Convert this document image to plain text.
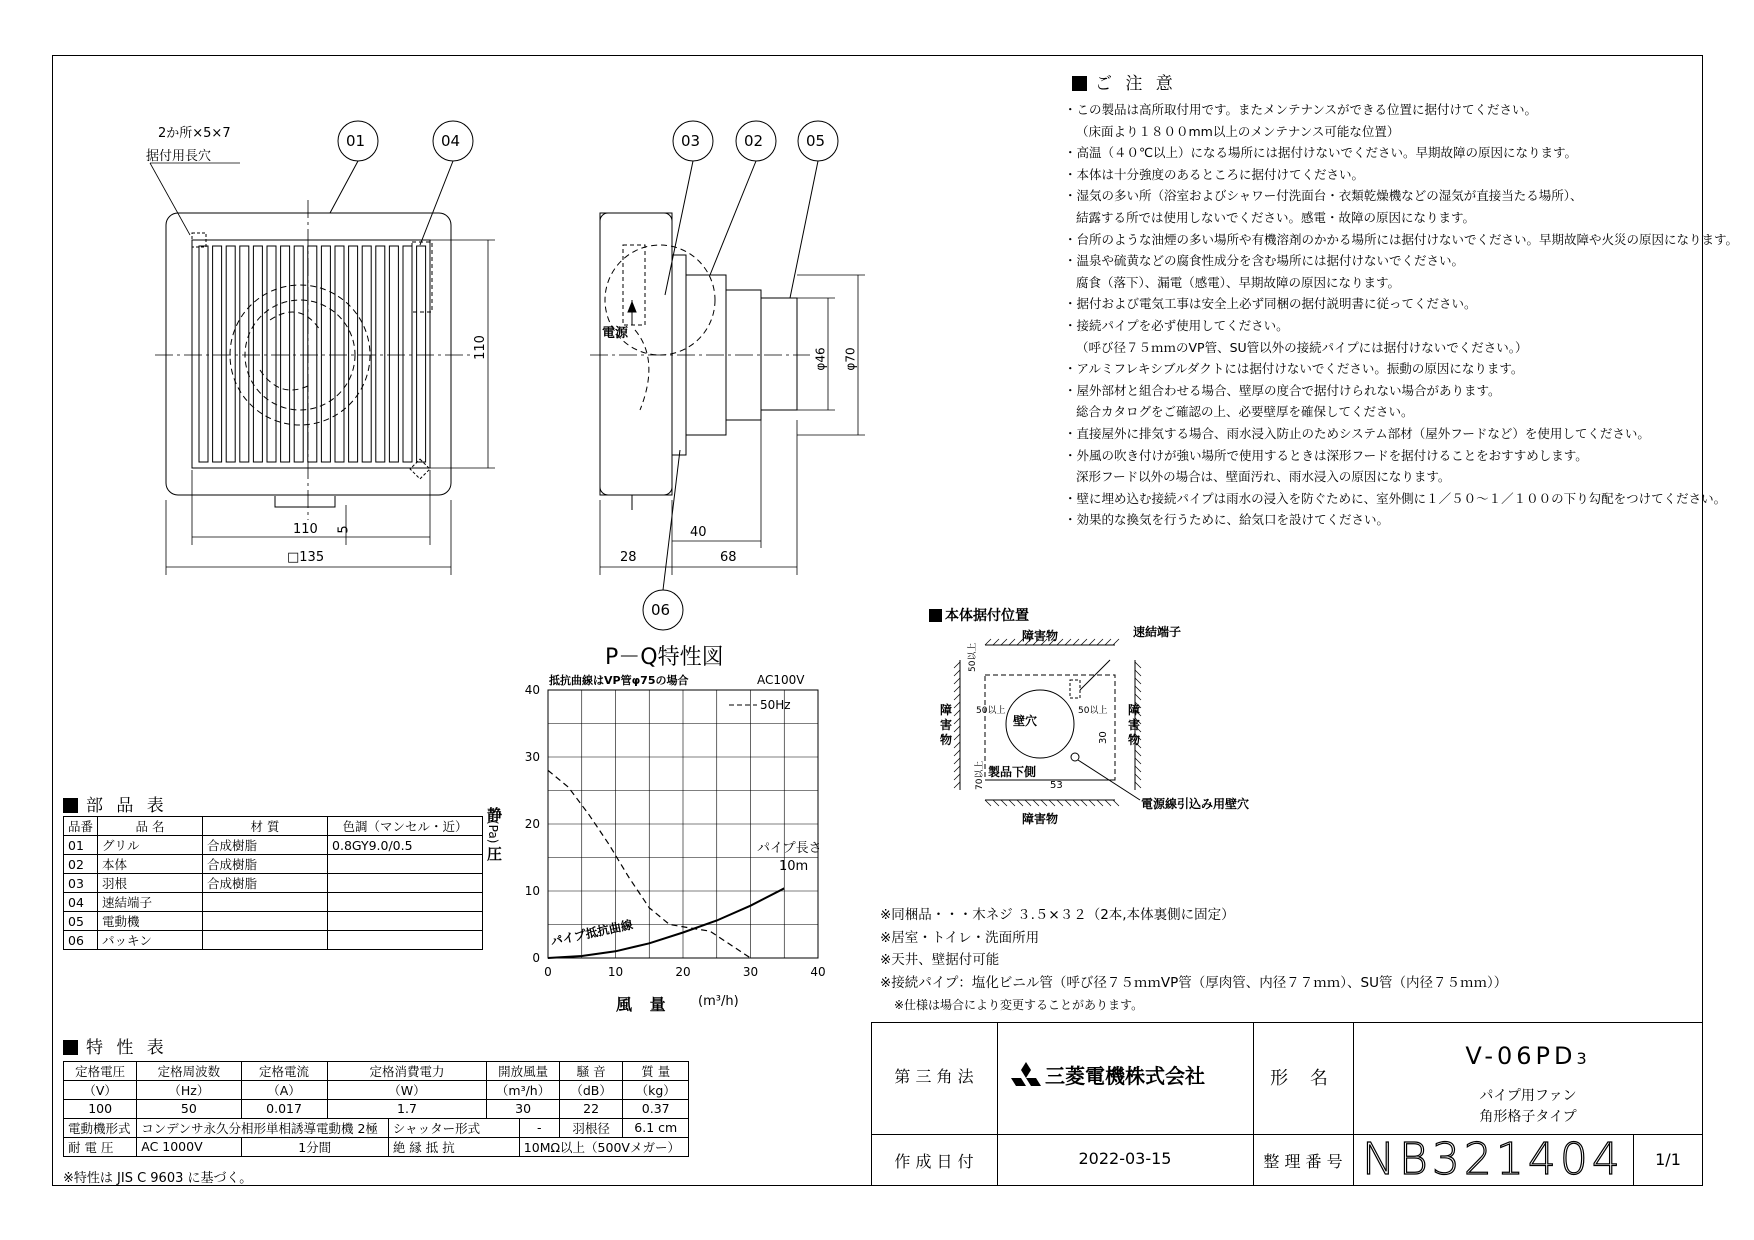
2か所×5×7
据付用長穴
110
110 5
□135
電源
φ46 φ70
40
28	68
01	04	03	02	05
06
ご 注 意
・この製品は高所取付用です。またメンテナンスができる位置に据付けてください。
（床面より１８００mm以上のメンテナンス可能な位置）
・高温（４０℃以上）になる場所には据付けないでください。早期故障の原因になります。
・本体は十分強度のあるところに据付けてください。
・湿気の多い所（浴室およびシャワー付洗面台・衣類乾燥機などの湿気が直接当たる場所）、
結露する所では使用しないでください。感電・故障の原因になります。
・台所のような油煙の多い場所や有機溶剤のかかる場所には据付けないでください。早期故障や火災の原因になります。
・温泉や硫黄などの腐食性成分を含む場所には据付けないでください。
腐食（落下）、漏電（感電）、早期故障の原因になります。
・据付および電気工事は安全上必ず同梱の据付説明書に従ってください。
・接続パイプを必ず使用してください。
（呼び径７５ｍｍのVP管、SU管以外の接続パイプには据付けないでください。）
・アルミフレキシブルダクトには据付けないでください。振動の原因になります。
・屋外部材と組合わせる場合、壁厚の度合で据付けられない場合があります。
総合カタログをご確認の上、必要壁厚を確保してください。
・直接屋外に排気する場合、雨水浸入防止のためシステム部材（屋外フードなど）を使用してください。
・外風の吹き付けが強い場所で使用するときは深形フードを据付けることをおすすめします。
深形フード以外の場合は、壁面汚れ、雨水浸入の原因になります。
・壁に埋め込む接続パイプは雨水の浸入を防ぐために、室外側に１／５０～１／１００の下り勾配をつけてください。
・効果的な換気を行うために、給気口を設けてください。
部 品 表
品番	品 名	材 質	色調（マンセル・近）
01	グリル	合成樹脂	0.8GY9.0/0.5
02	本体	合成樹脂	
03	羽根	合成樹脂	
04	速結端子		
05	電動機		
06	パッキン		
特 性 表
定格電圧	定格周波数	定格電流	定格消費電力		開放風量		騒 音	質 量
（V）	（Hz）	（A）	（W）		（m³/h）		（dB）	（kg）
100	50	0.017	1.7		30		22	0.37
電動機形式	コンデンサ永久分相形単相誘導電動機 2極			シャッター形式		-	羽根径	6.1 cm
耐 電 圧	AC 1000V	1分間		絶 縁 抵 抗		10MΩ以上（500Vメガー）		
※特性は JIS C 9603 に基づく。
P－Q特性図
抵抗曲線はVP管φ75の場合	AC100V
静
圧
(Pa)
風 量 (m³/h)
パイプ長さ
10m
パイプ抵抗曲線
0	10	20	30	40
0
10
20
30
40
50Hz
本体据付位置
障害物
障害物
障害物
障害物
速結端子
壁穴
製品下側
電源線引込み用壁穴
50以上
50以上	50以上
70以上
30
53
※同梱品・・・木ネジ ３.５×３２（2本,本体裏側に固定）
※居室・トイレ・洗面所用
※天井、壁据付可能
※接続パイプ：塩化ビニル管（呼び径７５ｍｍVP管（厚肉管、内径７７ｍｍ）、SU管（内径７５ｍｍ））
※仕様は場合により変更することがあります。
第 三 角 法	三菱電機株式会社	形 名
V-06PD3
パイプ用ファン
角形格子タイプ
作 成 日 付	2022-03-15	整 理 番 号 NB321404	1/1
